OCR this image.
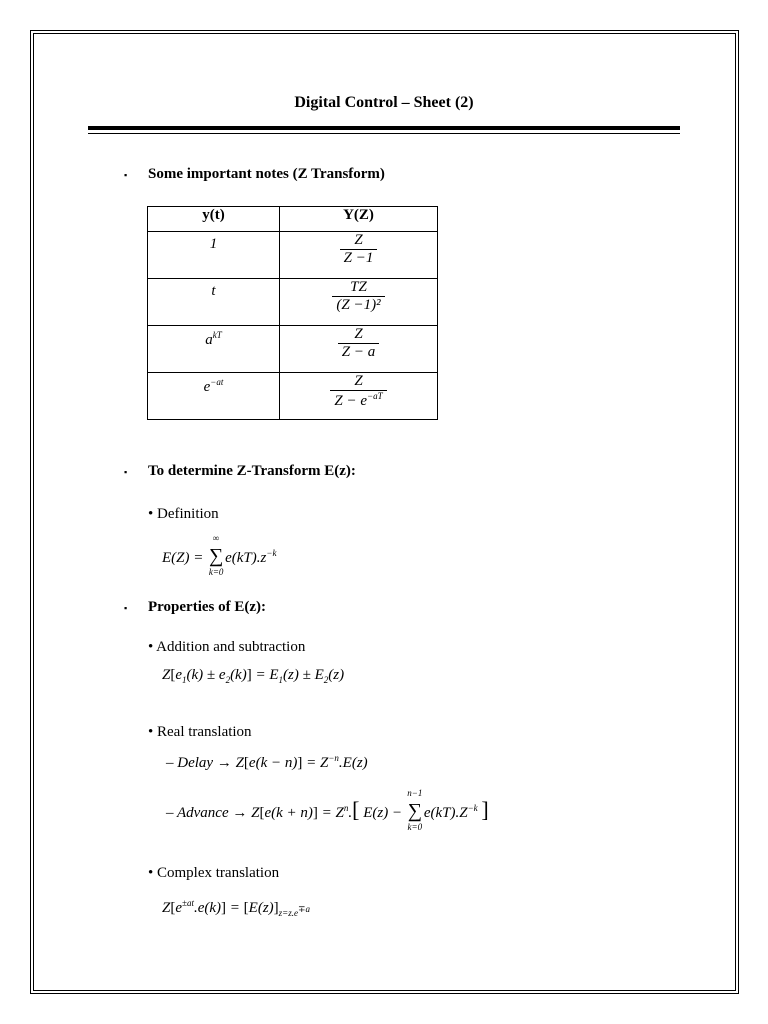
Digital Control – Sheet (2)
▪ Some important notes (Z Transform)
y(t)	Y(Z)
1	$\frac{Z}{Z -1}$

t	$\frac{TZ}{\text{(Z −1)²}}$

$a^{kT}$	$\frac{Z}{Z - a}$

$e^{-at}$	$\frac{Z}{Z - e^{-aT}}$
▪ To determine Z-Transform E(z):
• Definition
E(Z) = ∑
∞
k=0
$e(kT).z^{-k}$
▪ Properties of E(z):
• Addition and subtraction
$Z[e_1(k) \pm e_2(k)] = E_1(z) \pm E_2(z)$
• Real translation
– Delay → $Z[e(k - n)] = Z^{-n}.E(z)$
– Advance → $Z[e(k + n)] = Z^n$.[ E(z) − ∑
n−1
k=0
$e(kT).Z^{-k}$ ]
• Complex translation
$Z[e^{\pm at}.e(k)] = [E(z)]_{z=z.e^{\mp a}}$
